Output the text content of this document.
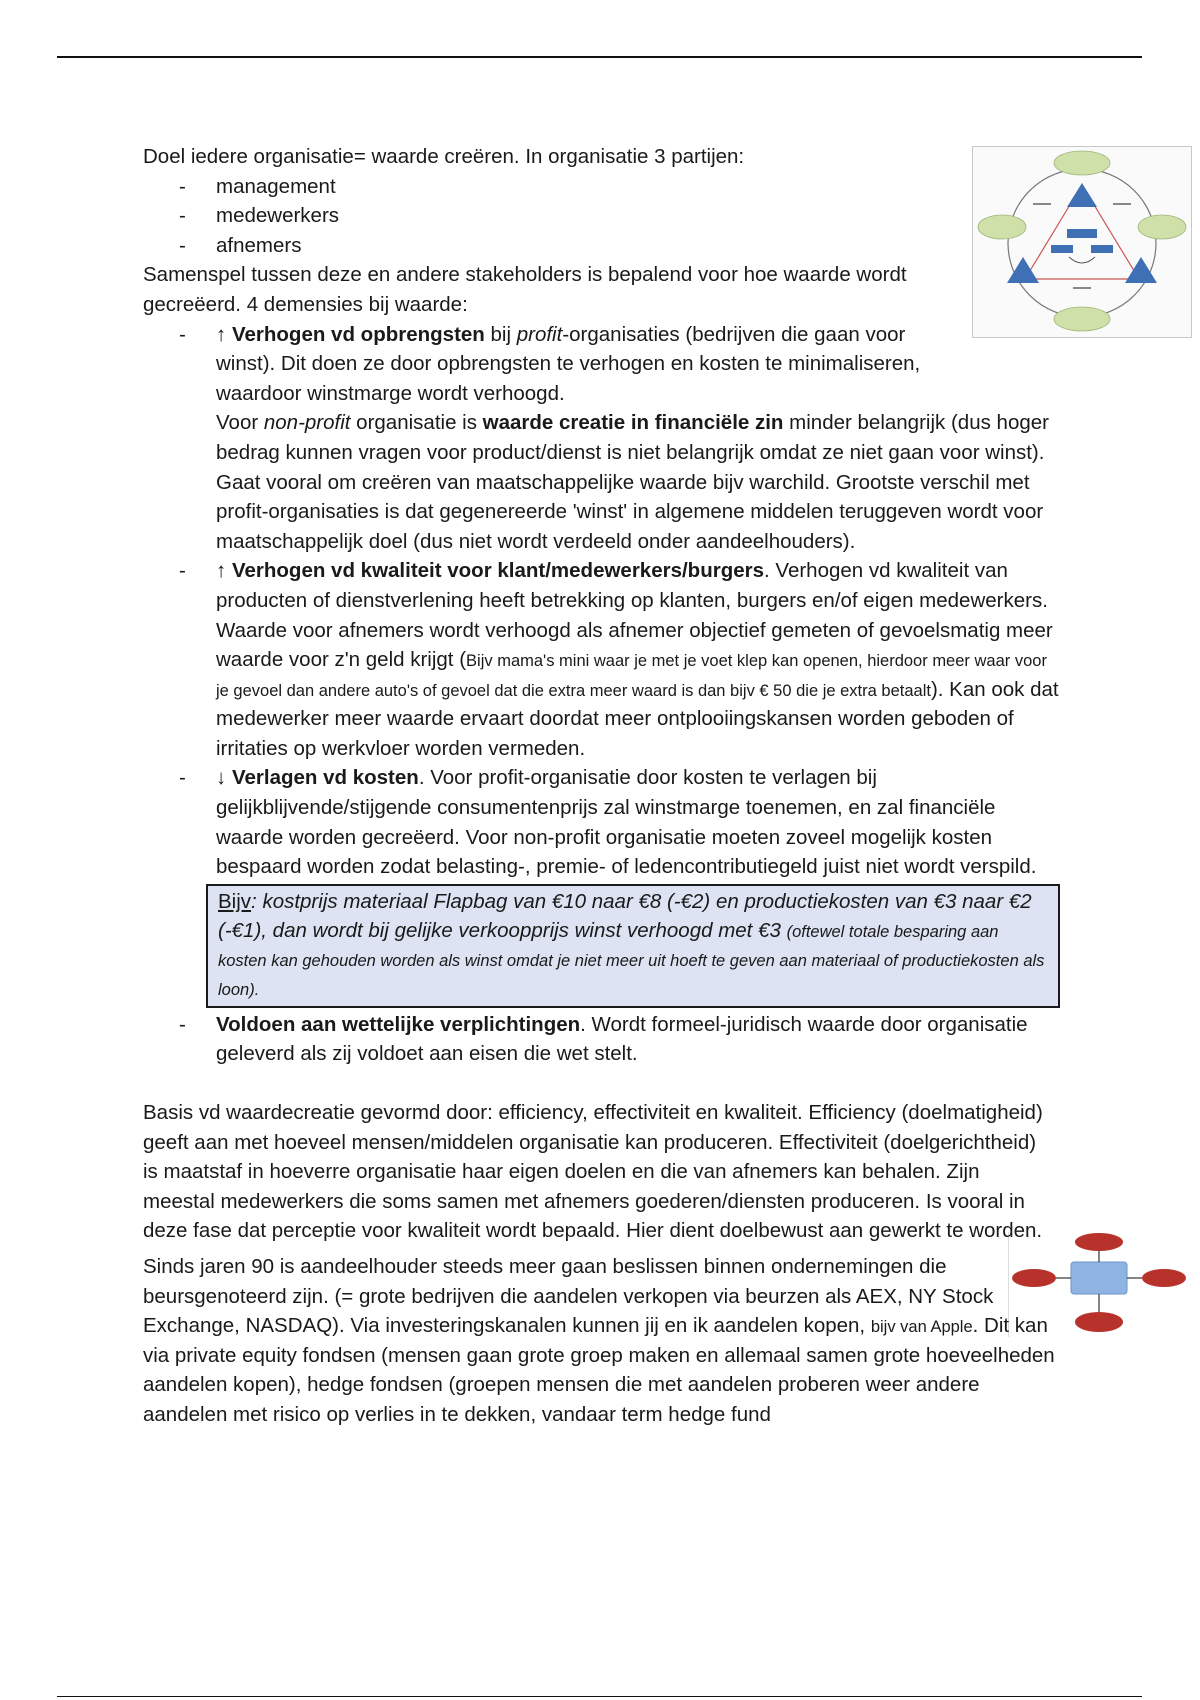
Doel iedere organisatie= waarde creëren. In organisatie 3 partijen:

- management
- medewerkers
- afnemers

Samenspel tussen deze en andere stakeholders is bepalend voor hoe waarde wordt gecreëerd. 4 demensies bij waarde:

- ↑ Verhogen vd opbrengsten bij profit-organisaties (bedrijven die gaan voor winst). Dit doen ze door opbrengsten te verhogen en kosten te minimaliseren, waardoor winstmarge wordt verhoogd.
Voor non-profit organisatie is waarde creatie in financiële zin minder belangrijk (dus hoger bedrag kunnen vragen voor product/dienst is niet belangrijk omdat ze niet gaan voor winst). Gaat vooral om creëren van maatschappelijke waarde bijv warchild. Grootste verschil met profit-organisaties is dat gegenereerde 'winst' in algemene middelen teruggeven wordt voor maatschappelijk doel (dus niet wordt verdeeld onder aandeelhouders).
- ↑ Verhogen vd kwaliteit voor klant/medewerkers/burgers. Verhogen vd kwaliteit van producten of dienstverlening heeft betrekking op klanten, burgers en/of eigen medewerkers. Waarde voor afnemers wordt verhoogd als afnemer objectief gemeten of gevoelsmatig meer waarde voor z'n geld krijgt (Bijv mama's mini waar je met je voet klep kan openen, hierdoor meer waar voor je gevoel dan andere auto's of gevoel dat die extra meer waard is dan bijv € 50 die je extra betaalt). Kan ook dat medewerker meer waarde ervaart doordat meer ontplooiingskansen worden geboden of irritaties op werkvloer worden vermeden.
- ↓ Verlagen vd kosten. Voor profit-organisatie door kosten te verlagen bij gelijkblijvende/stijgende consumentenprijs zal winstmarge toenemen, en zal financiële waarde worden gecreëerd. Voor non-profit organisatie moeten zoveel mogelijk kosten bespaard worden zodat belasting-, premie- of ledencontributiegeld juist niet wordt verspild.
Bijv: kostprijs materiaal Flapbag van €10 naar €8 (-€2) en productiekosten van €3 naar €2 (-€1), dan wordt bij gelijke verkoopprijs winst verhoogd met €3 (oftewel totale besparing aan kosten kan gehouden worden als winst omdat je niet meer uit hoeft te geven aan materiaal of productiekosten als loon).
- Voldoen aan wettelijke verplichtingen. Wordt formeel-juridisch waarde door organisatie geleverd als zij voldoet aan eisen die wet stelt.

Basis vd waardecreatie gevormd door: efficiency, effectiviteit en kwaliteit. Efficiency (doelmatigheid) geeft aan met hoeveel mensen/middelen organisatie kan produceren. Effectiviteit (doelgerichtheid) is maatstaf in hoeverre organisatie haar eigen doelen en die van afnemers kan behalen. Zijn meestal medewerkers die soms samen met afnemers goederen/diensten produceren. Is vooral in deze fase dat perceptie voor kwaliteit wordt bepaald. Hier dient doelbewust aan gewerkt te worden.

Sinds jaren 90 is aandeelhouder steeds meer gaan beslissen binnen ondernemingen die beursgenoteerd zijn. (= grote bedrijven die aandelen verkopen via beurzen als AEX, NY Stock Exchange, NASDAQ). Via investeringskanalen kunnen jij en ik aandelen kopen, bijv van Apple. Dit kan via private equity fondsen (mensen gaan grote groep maken en allemaal samen grote hoeveelheden aandelen kopen), hedge fondsen (groepen mensen die met aandelen proberen weer andere aandelen met risico op verlies in te dekken, vandaar term hedge fund
